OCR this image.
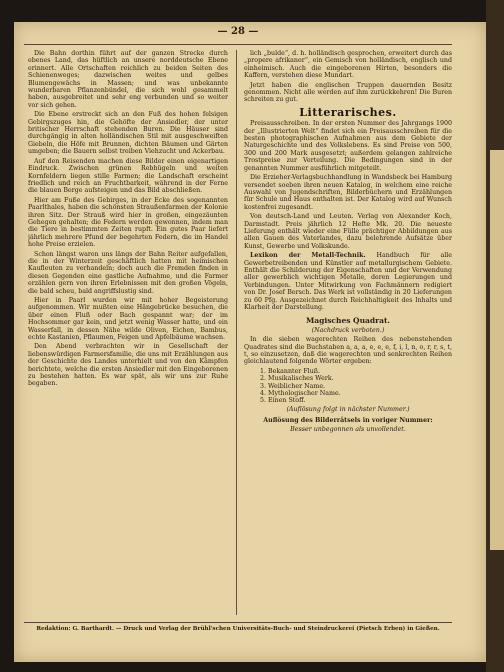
— 28 —

Die Bahn dorthin führt auf der ganzen Strecke durch ebenes Land, das hüftlich an unsere norddeutsche Ebene erinnert. Alle Ortschaften reichlich zu beiden Seiten des Schienenweges; dazwischen weites und gelbes Blumengewächs in Massen; und was unbekannte wunderbaren Pflanzenbündel, die sich wohl gesammelt haben, ausgebreitet und sehr eng verbunden und so weiter vor sich gehen.

Die Ebene erstreckt sich an den Fuß des hohen felsigen Gebirgszuges hin, die Gehöfte der Ansiedler, der unter britischer Herrschaft stehenden Buren. Die Häuser sind durchgängig in alten holländischen Stil mit ausgeschweiften Giebeln, die Höfe mit Brunnen, dichten Bäumen und Gärten umgeben; die Bauern selbst treiben Viehzucht und Ackerbau.

Auf den Reisenden machen diese Bilder einen eigenartigen Eindruck. Zwischen grünen Rebhügeln und weiten Kornfeldern liegen stille Farmen; die Landschaft erscheint friedlich und reich an Fruchtbarkeit, während in der Ferne die blauen Berge aufsteigen und das Bild abschließen.

Hier am Fuße des Gebirges, in der Ecke des sogenannten Paarlthales, haben die schönsten Straußenfarmen der Kolonie ihren Sitz. Der Strauß wird hier in großen, eingezäunten Gehegen gehalten; die Federn werden gewonnen, indem man die Tiere in bestimmten Zeiten rupft. Ein gutes Paar liefert jährlich mehrere Pfund der begehrten Federn, die im Handel hohe Preise erzielen.

Schon längst waren uns längs der Bahn Reiter aufgefallen, die in der Winterzeit geschäftlich hatten mit heimischen Kaufleuten zu verhandeln; doch auch die Fremden finden in diesen Gegenden eine gastliche Aufnahme, und die Farmer erzählen gern von ihren Erlebnissen mit den großen Vögeln, die bald scheu, bald angriffslustig sind.

Hier in Paarl wurden wir mit hoher Begeisterung aufgenommen. Wir mußten eine Hängebrücke besuchen, die über einen Fluß oder Bach gespannt war; der im Hochsommer gar kein, und jetzt wenig Wasser hatte, und ein Wasserfall, in dessen Nähe wilde Oliven, Eichen, Bambus, echte Kastanien, Pflaumen, Feigen und Apfelbäume wachsen.

Den Abend verbrachten wir in Gesellschaft der liebenswürdigen Farmersfamilie, die uns mit Erzählungen aus der Geschichte des Landes unterhielt und von den Kämpfen berichtete, welche die ersten Ansiedler mit den Eingeborenen zu bestehen hatten. Es war spät, als wir uns zur Ruhe begaben.

lich „bulde“, d. h. holländisch gesprochen, erweitert durch das „propere afrikaner“, ein Gemisch von holländisch, englisch und einheimisch. Auch die eingeborenen Hirten, besonders die Kaffern, verstehen diese Mundart.

Jetzt haben die englischen Truppen dauernden Besitz genommen. Nicht alle werden auf ihm zurückkehren! Die Buren schreiten zu gut.

Litterarisches.

Preisausschreiben. In der ersten Nummer des Jahrgangs 1900 der „Illustrierten Welt“ findet sich ein Preisausschreiben für die besten photographischen Aufnahmen aus dem Gebiete der Naturgeschichte und des Volkslebens. Es sind Preise von 500, 300 und 200 Mark ausgesetzt; außerdem gelangen zahlreiche Trostpreise zur Verteilung. Die Bedingungen sind in der genannten Nummer ausführlich mitgeteilt.

Die Erzieher-Verlagsbuchhandlung in Wandsbeck bei Hamburg versendet soeben ihren neuen Katalog, in welchem eine reiche Auswahl von Jugendschriften, Bilderbüchern und Erzählungen für Schule und Haus enthalten ist. Der Katalog wird auf Wunsch kostenfrei zugesandt.

Von deutsch-Land und Leuten. Verlag von Alexander Koch, Darmstadt. Preis jährlich 12 Hefte Mk. 20. Die neueste Lieferung enthält wieder eine Fülle prächtiger Abbildungen aus allen Gauen des Vaterlandes, dazu belehrende Aufsätze über Kunst, Gewerbe und Volkskunde.

Lexikon der Metall-Technik. Handbuch für alle Gewerbetreibenden und Künstler auf metallurgischem Gebiete. Enthält die Schilderung der Eigenschaften und der Verwendung aller gewerblich wichtigen Metalle, deren Legierungen und Verbindungen. Unter Mitwirkung von Fachmännern redigiert von Dr. Josef Bersch. Das Werk ist vollständig in 20 Lieferungen zu 60 Pfg. Ausgezeichnet durch Reichhaltigkeit des Inhalts und Klarheit der Darstellung.

Magisches Quadrat.
(Nachdruck verboten.)

In die sieben wagerechten Reihen des nebenstehenden Quadrates sind die Buchstaben a, a, a, e, e, e, f, i, l, n, o, r, r, s, t, t, so einzusetzen, daß die wagerechten und senkrechten Reihen gleichlautend folgende Wörter ergeben:

1. Bekannter Fluß.
2. Musikalisches Werk.
3. Weiblicher Name.
4. Mythologischer Name.
5. Einen Stoff.
(Auflösung folgt in nächster Nummer.)
Auflösung des Bilderrätsels in voriger Nummer:
Besser unbegonnen als unvollendet.
Redaktion: G. Barthardt. — Druck und Verlag der Brühl'schen Universitäts-Buch- und Steindruckerei (Pietsch Erben) in Gießen.
